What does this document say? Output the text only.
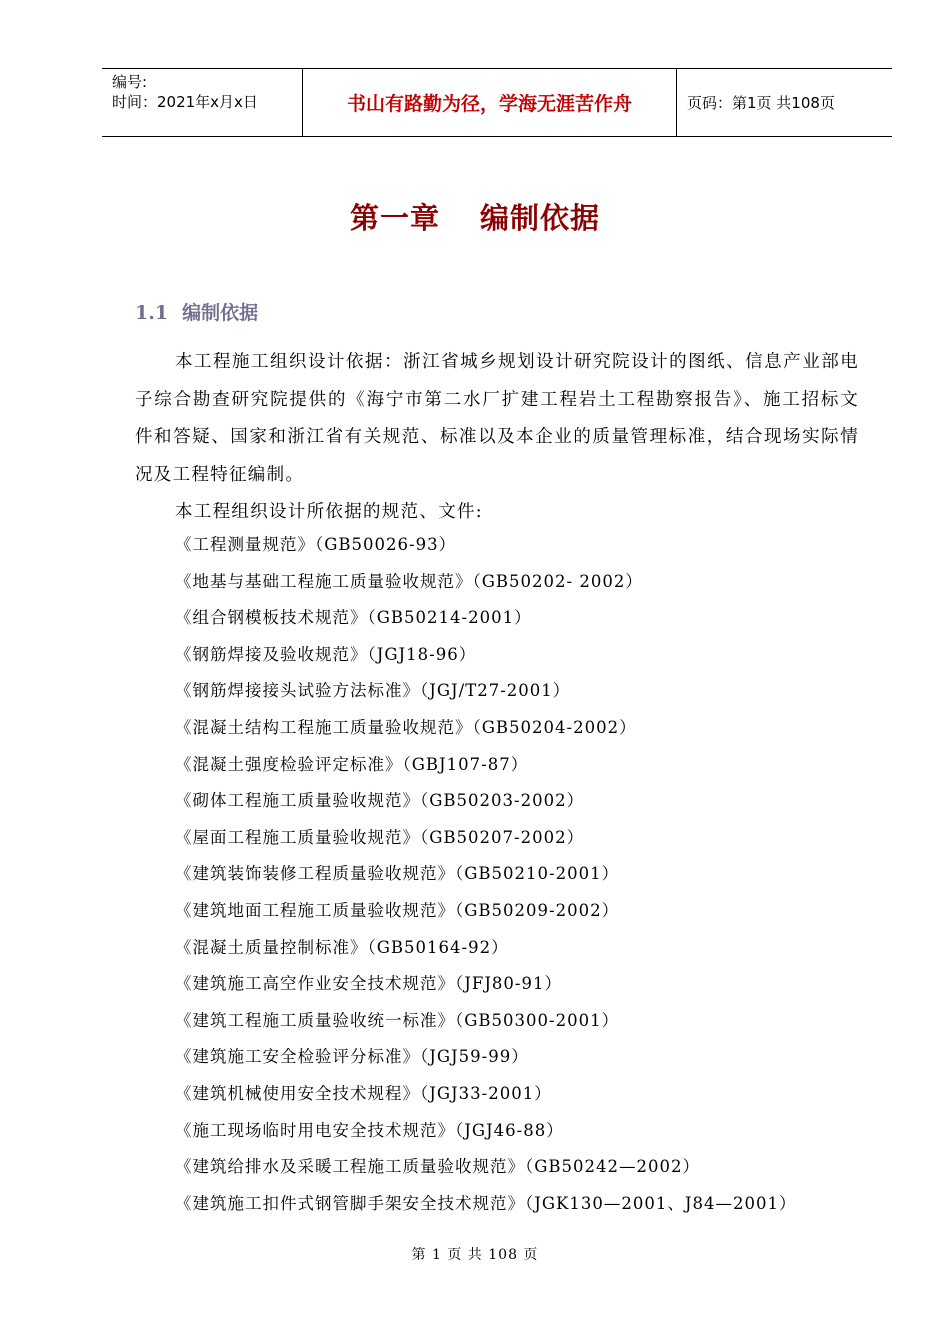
编号:
时间：2021年x月x日	书山有路勤为径，学海无涯苦作舟	页码：第1页 共108页
第一章 编制依据
1.1 编制依据

本工程施工组织设计依据：浙江省城乡规划设计研究院设计的图纸、信息产业部电子综合勘查研究院提供的《海宁市第二水厂扩建工程岩土工程勘察报告》、施工招标文件和答疑、国家和浙江省有关规范、标准以及本企业的质量管理标准，结合现场实际情况及工程特征编制。

本工程组织设计所依据的规范、文件:

《工程测量规范》（GB50026-93）
《地基与基础工程施工质量验收规范》（GB50202- 2002）
《组合钢模板技术规范》（GB50214-2001）
《钢筋焊接及验收规范》（JGJ18-96）
《钢筋焊接接头试验方法标准》（JGJ/T27-2001）
《混凝土结构工程施工质量验收规范》（GB50204-2002）
《混凝土强度检验评定标准》（GBJ107-87）
《砌体工程施工质量验收规范》（GB50203-2002）
《屋面工程施工质量验收规范》（GB50207-2002）
《建筑装饰装修工程质量验收规范》（GB50210-2001）
《建筑地面工程施工质量验收规范》（GB50209-2002）
《混凝土质量控制标准》（GB50164-92）
《建筑施工高空作业安全技术规范》（JFJ80-91）
《建筑工程施工质量验收统一标准》（GB50300-2001）
《建筑施工安全检验评分标准》（JGJ59-99）
《建筑机械使用安全技术规程》（JGJ33-2001）
《施工现场临时用电安全技术规范》（JGJ46-88）
《建筑给排水及采暖工程施工质量验收规范》（GB50242—2002）
《建筑施工扣件式钢管脚手架安全技术规范》（JGK130—2001、J84—2001）
第 1 页 共 108 页
